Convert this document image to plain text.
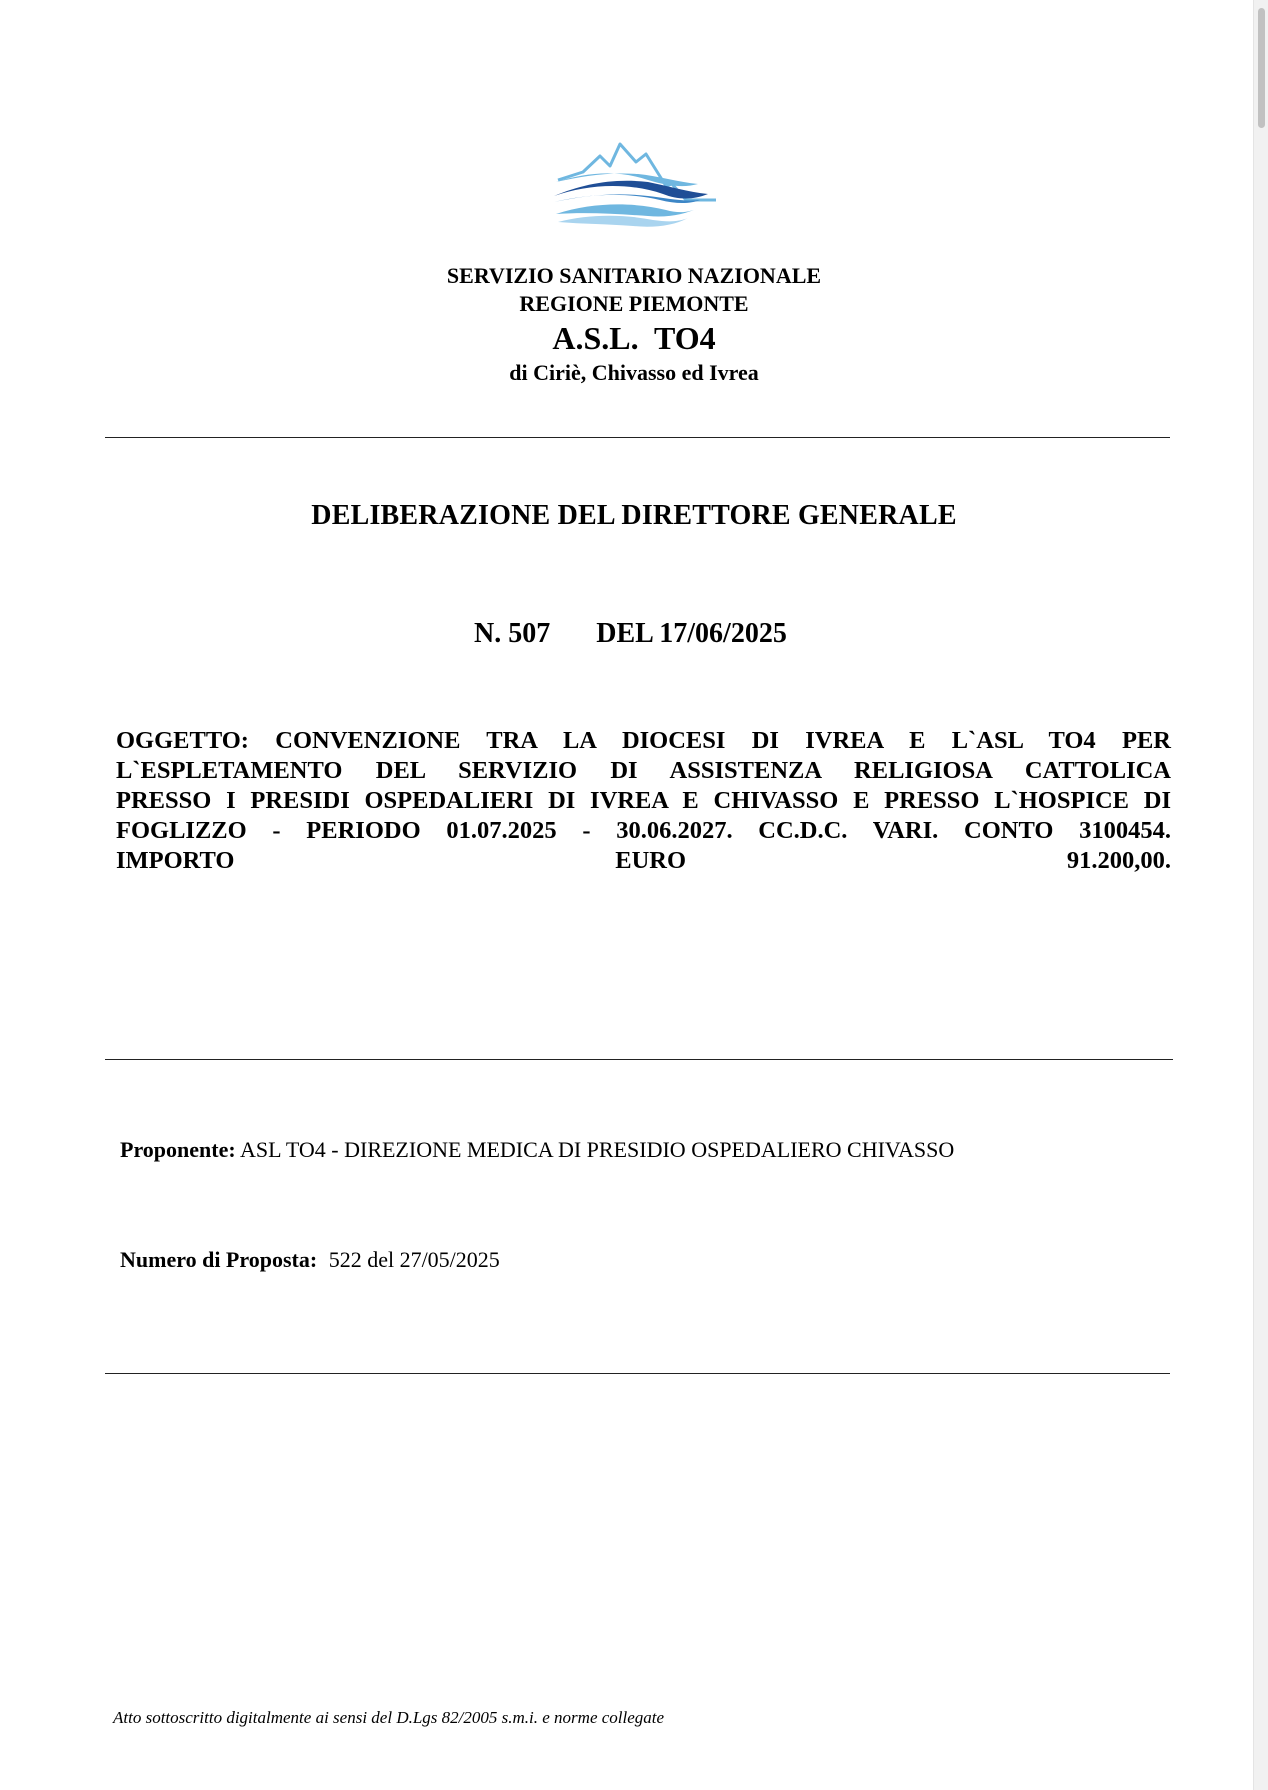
SERVIZIO SANITARIO NAZIONALE
REGIONE PIEMONTE
A.S.L.  TO4
di Ciriè, Chivasso ed Ivrea
DELIBERAZIONE DEL DIRETTORE GENERALE
N. 507 DEL 17/06/2025
OGGETTO: CONVENZIONE TRA LA DIOCESI DI IVREA E L`ASL TO4 PER
L`ESPLETAMENTO DEL SERVIZIO DI ASSISTENZA RELIGIOSA CATTOLICA
PRESSO I PRESIDI OSPEDALIERI DI IVREA E CHIVASSO E PRESSO L`HOSPICE DI
FOGLIZZO - PERIODO 01.07.2025 - 30.06.2027. CC.D.C. VARI. CONTO 3100454.
IMPORTO EURO 91.200,00.
Proponente: ASL TO4 - DIREZIONE MEDICA DI PRESIDIO OSPEDALIERO CHIVASSO
Numero di Proposta: 522 del 27/05/2025
Atto sottoscritto digitalmente ai sensi del D.Lgs 82/2005 s.m.i. e norme collegate
